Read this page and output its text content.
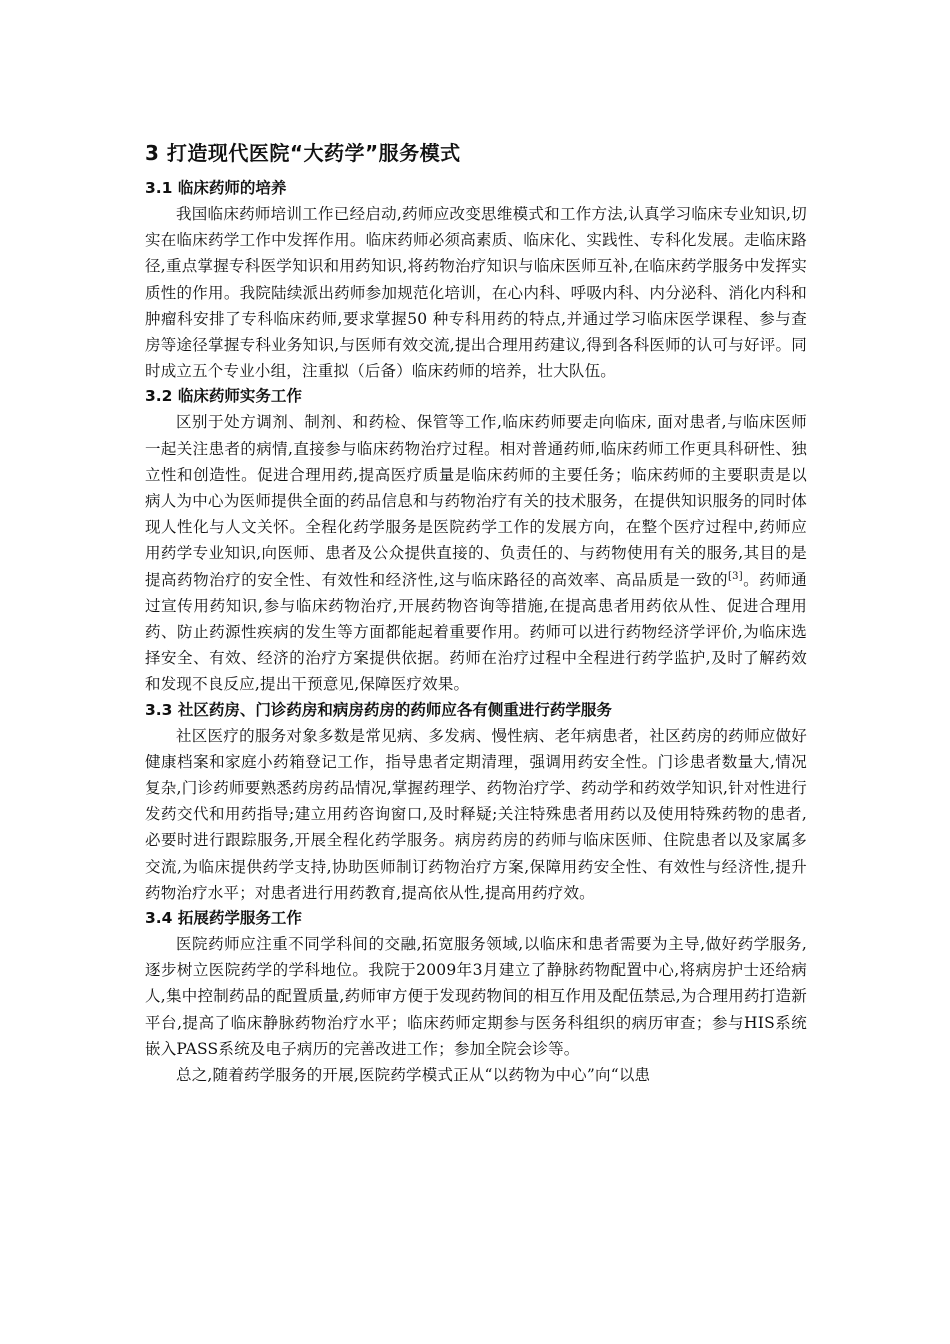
3 打造现代医院“大药学”服务模式
3.1 临床药师的培养

我国临床药师培训工作已经启动,药师应改变思维模式和工作方法,认真学习临床专业知识,切实在临床药学工作中发挥作用。临床药师必须高素质、临床化、实践性、专科化发展。走临床路径,重点掌握专科医学知识和用药知识,将药物治疗知识与临床医师互补,在临床药学服务中发挥实质性的作用。我院陆续派出药师参加规范化培训，在心内科、呼吸内科、内分泌科、消化内科和肿瘤科安排了专科临床药师,要求掌握50 种专科用药的特点,并通过学习临床医学课程、参与查房等途径掌握专科业务知识,与医师有效交流,提出合理用药建议,得到各科医师的认可与好评。同时成立五个专业小组，注重拟（后备）临床药师的培养，壮大队伍。

3.2 临床药师实务工作

区别于处方调剂、制剂、和药检、保管等工作,临床药师要走向临床, 面对患者,与临床医师一起关注患者的病情,直接参与临床药物治疗过程。相对普通药师,临床药师工作更具科研性、独立性和创造性。促进合理用药,提高医疗质量是临床药师的主要任务；临床药师的主要职责是以病人为中心为医师提供全面的药品信息和与药物治疗有关的技术服务，在提供知识服务的同时体现人性化与人文关怀。全程化药学服务是医院药学工作的发展方向，在整个医疗过程中,药师应用药学专业知识,向医师、患者及公众提供直接的、负责任的、与药物使用有关的服务,其目的是提高药物治疗的安全性、有效性和经济性,这与临床路径的高效率、高品质是一致的[3]。药师通过宣传用药知识,参与临床药物治疗,开展药物咨询等措施,在提高患者用药依从性、促进合理用药、防止药源性疾病的发生等方面都能起着重要作用。药师可以进行药物经济学评价,为临床选择安全、有效、经济的治疗方案提供依据。药师在治疗过程中全程进行药学监护,及时了解药效和发现不良反应,提出干预意见,保障医疗效果。

3.3 社区药房、门诊药房和病房药房的药师应各有侧重进行药学服务

社区医疗的服务对象多数是常见病、多发病、慢性病、老年病患者，社区药房的药师应做好健康档案和家庭小药箱登记工作，指导患者定期清理，强调用药安全性。门诊患者数量大,情况复杂,门诊药师要熟悉药房药品情况,掌握药理学、药物治疗学、药动学和药效学知识,针对性进行发药交代和用药指导;建立用药咨询窗口,及时释疑;关注特殊患者用药以及使用特殊药物的患者,必要时进行跟踪服务,开展全程化药学服务。病房药房的药师与临床医师、住院患者以及家属多交流,为临床提供药学支持,协助医师制订药物治疗方案,保障用药安全性、有效性与经济性,提升药物治疗水平；对患者进行用药教育,提高依从性,提高用药疗效。

3.4 拓展药学服务工作

医院药师应注重不同学科间的交融,拓宽服务领域,以临床和患者需要为主导,做好药学服务,逐步树立医院药学的学科地位。我院于2009年3月建立了静脉药物配置中心,将病房护士还给病人,集中控制药品的配置质量,药师审方便于发现药物间的相互作用及配伍禁忌,为合理用药打造新平台,提高了临床静脉药物治疗水平；临床药师定期参与医务科组织的病历审查；参与HIS系统嵌入PASS系统及电子病历的完善改进工作；参加全院会诊等。

总之,随着药学服务的开展,医院药学模式正从“以药物为中心”向“以患
